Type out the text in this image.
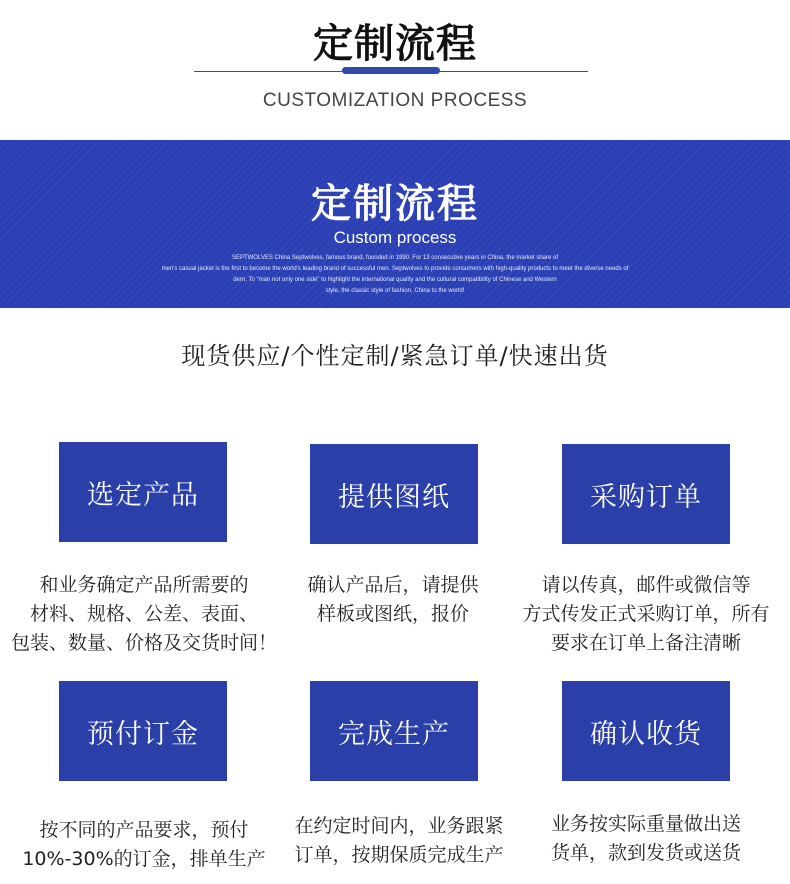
定制流程
CUSTOMIZATION PROCESS
定制流程
Custom process
SEPTWOLVES China Septwolves, famous brand, founded in 1990. For 13 consecutive years in China, the market share of
men's casual jacket is the first to become the world's leading brand of successful men. Septwolves to provide consumers with high-quality products to meet the diverse needs of
dern. To "man not only one side" to highlight the international quality and the cultural compatibility of Chinese and Western
style, the classic style of fashion, China to the world!
现货供应/个性定制/紧急订单/快速出货
选定产品	提供图纸	采购订单
和业务确定产品所需要的
材料、规格、公差、表面、
包装、数量、价格及交货时间！
确认产品后，请提供
样板或图纸，报价
请以传真，邮件或微信等
方式传发正式采购订单，所有
要求在订单上备注清晰
预付订金	完成生产	确认收货
按不同的产品要求，预付
10%-30%的订金，排单生产
在约定时间内，业务跟紧
订单，按期保质完成生产
业务按实际重量做出送
货单，款到发货或送货
